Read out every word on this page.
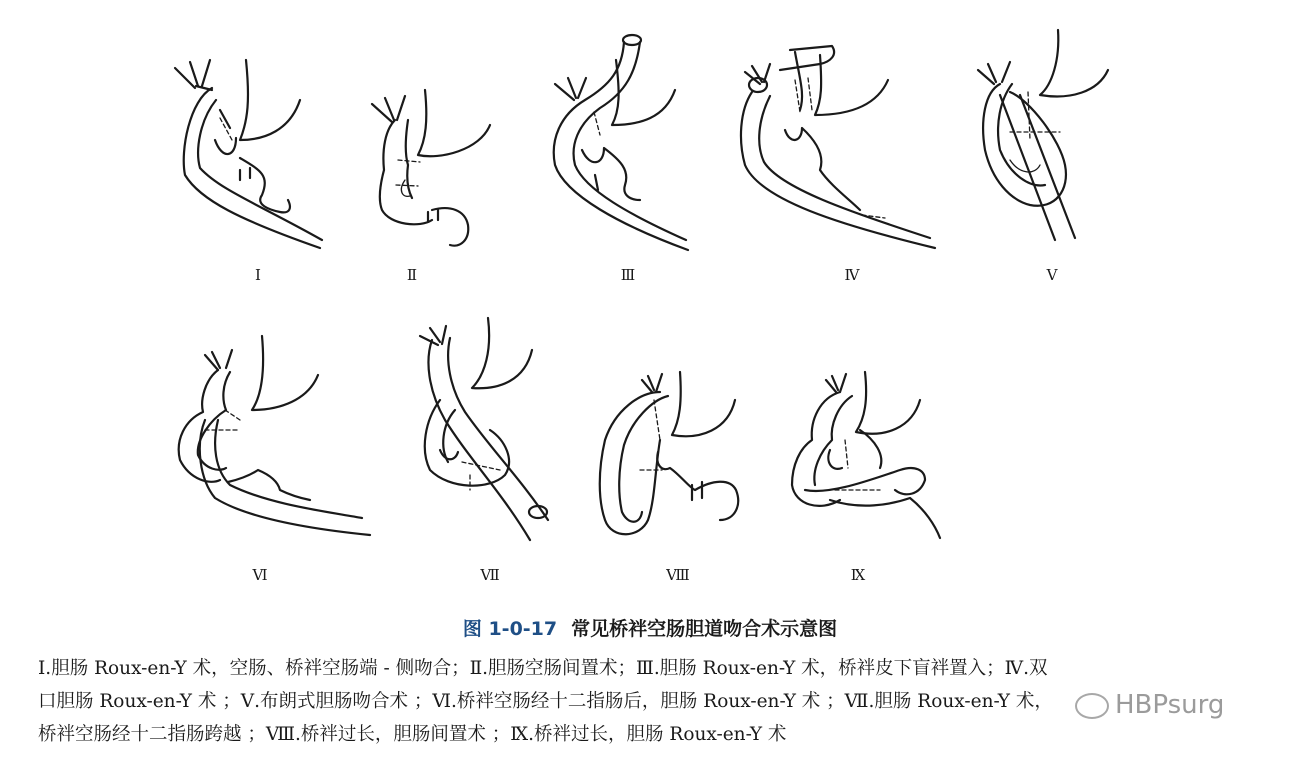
Ⅰ	Ⅱ	Ⅲ	Ⅳ	Ⅴ
Ⅵ	Ⅶ	Ⅷ	Ⅸ
图 1-0-17 常见桥袢空肠胆道吻合术示意图
Ⅰ.胆肠 Roux-en-Y 术，空肠、桥袢空肠端 - 侧吻合；Ⅱ.胆肠空肠间置术；Ⅲ.胆肠 Roux-en-Y 术，桥袢皮下盲袢置入；Ⅳ.双
口胆肠 Roux-en-Y 术 ；Ⅴ.布朗式胆肠吻合术 ；Ⅵ.桥袢空肠经十二指肠后，胆肠 Roux-en-Y 术 ；Ⅶ.胆肠 Roux-en-Y 术，
桥袢空肠经十二指肠跨越 ；Ⅷ.桥袢过长，胆肠间置术 ；Ⅸ.桥袢过长，胆肠 Roux-en-Y 术
HBPsurg
